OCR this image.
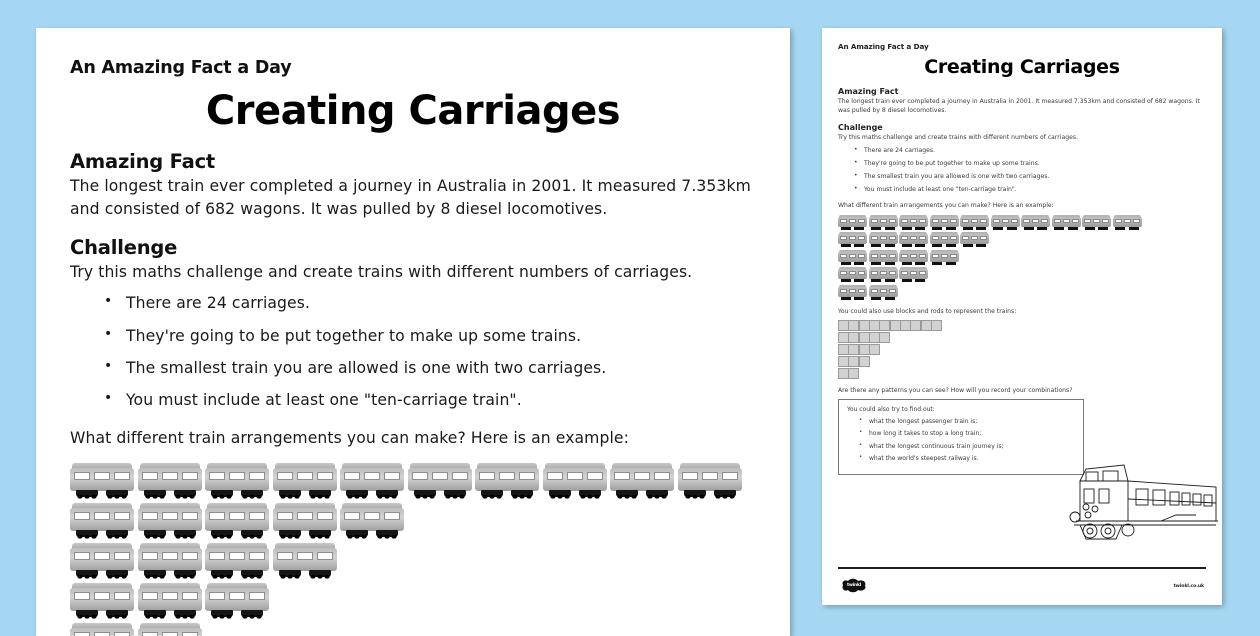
An Amazing Fact a Day
Creating Carriages
Amazing Fact
The longest train ever completed a journey in Australia in 2001. It measured 7.353km and consisted of 682 wagons. It was pulled by 8 diesel locomotives.
Challenge
Try this maths challenge and create trains with different numbers of carriages.
• There are 24 carriages.
• They're going to be put together to make up some trains.
• The smallest train you are allowed is one with two carriages.
• You must include at least one "ten-carriage train".
What different train arrangements you can make? Here is an example:
An Amazing Fact a Day
Creating Carriages
Amazing Fact
The longest train ever completed a journey in Australia in 2001. It measured 7.353km and consisted of 682 wagons. It was pulled by 8 diesel locomotives.
Challenge
Try this maths challenge and create trains with different numbers of carriages.
• There are 24 carriages.
• They're going to be put together to make up some trains.
• The smallest train you are allowed is one with two carriages.
• You must include at least one "ten-carriage train".
What different train arrangements you can make? Here is an example:
You could also use blocks and rods to represent the trains:
Are there any patterns you can see? How will you record your combinations?
You could also try to find out:
• what the longest passenger train is;
• how long it takes to stop a long train;
• what the longest continuous train journey is;
• what the world's steepest railway is.
twinkl	twinkl.co.uk
